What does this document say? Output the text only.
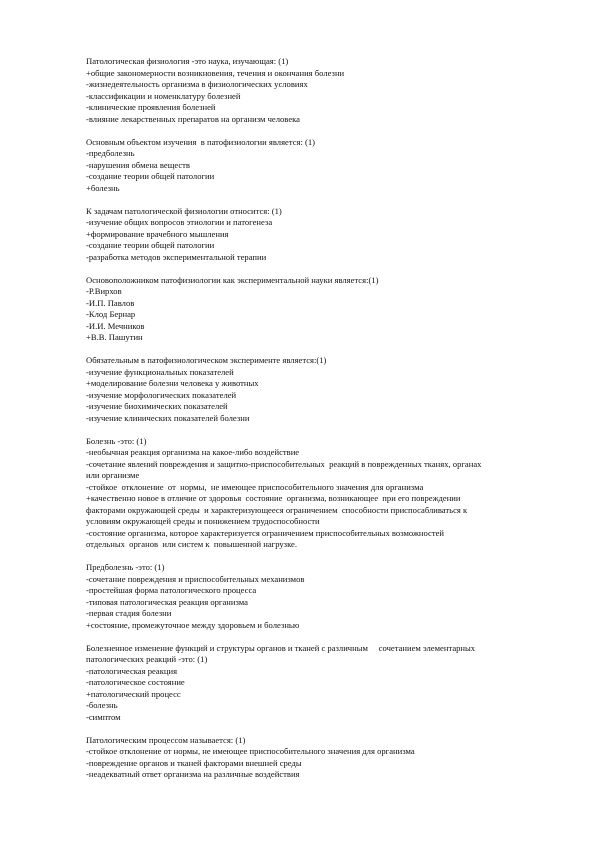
Патологическая физиология -это наука, изучающая: (1)
+общие закономерности возникновения, течения и окончания болезни
-жизнедеятельность организма в физиологических условиях
-классификации и номенклатуру болезней
-клинические проявления болезней
-влияние лекарственных препаратов на организм человека
Основным объектом изучения  в патофизиологии является: (1)
-предболезнь
-нарушения обмена веществ
-создание теории общей патологии
+болезнь
К задачам патологической физиологии относится: (1)
-изучение общих вопросов этиологии и патогенеза
+формирование врачебного мышления
-создание теории общей патологии
-разработка методов экспериментальной терапии
Основоположником патофизиологии как экспериментальной науки является:(1)
-Р.Вирхов
-И.П. Павлов
-Клод Бернар
-И.И. Мечников
+В.В. Пашутин
Обязательным в патофизиологическом эксперименте является:(1)
-изучение функциональных показателей
+моделирование болезни человека у животных
-изучение морфологических показателей
-изучение биохимических показателей
-изучение клинических показателей болезни
Болезнь -это: (1)
-необычная реакция организма на какое-либо воздействие
-сочетание явлений повреждения и защитно-приспособительных  реакций в поврежденных тканях, органах
или организме
-стойкое  отклонение  от  нормы,  не имеющее приспособительного значения для организма
+качественно новое в отличие от здоровья  состояние  организма, возникающее  при его повреждении
факторами окружающей среды  и характеризующееся ограничением  способности приспосабливаться к
условиям окружающей среды и понижением трудоспособности
-состояние организма, которое характеризуется ограничением приспособительных возможностей
отдельных  органов  или систем к  повышенной нагрузке.
Предболезнь -это: (1)
-сочетание повреждения и приспособительных механизмов
-простейшая форма патологического процесса
-типовая патологическая реакция организма
-первая стадия болезни
+состояние, промежуточное между здоровьем и болезнью
Болезненное изменение функций и структуры органов и тканей с различным     сочетанием элементарных
патологических реакций -это: (1)
-патологическая реакция
-патологическое состояние
+патологический процесс
-болезнь
-симптом
Патологическим процессом называется: (1)
-стойкое отклонение от нормы, не имеющее приспособительного значения для организма
-повреждение органов и тканей факторами внешней среды
-неадекватный ответ организма на различные воздействия
